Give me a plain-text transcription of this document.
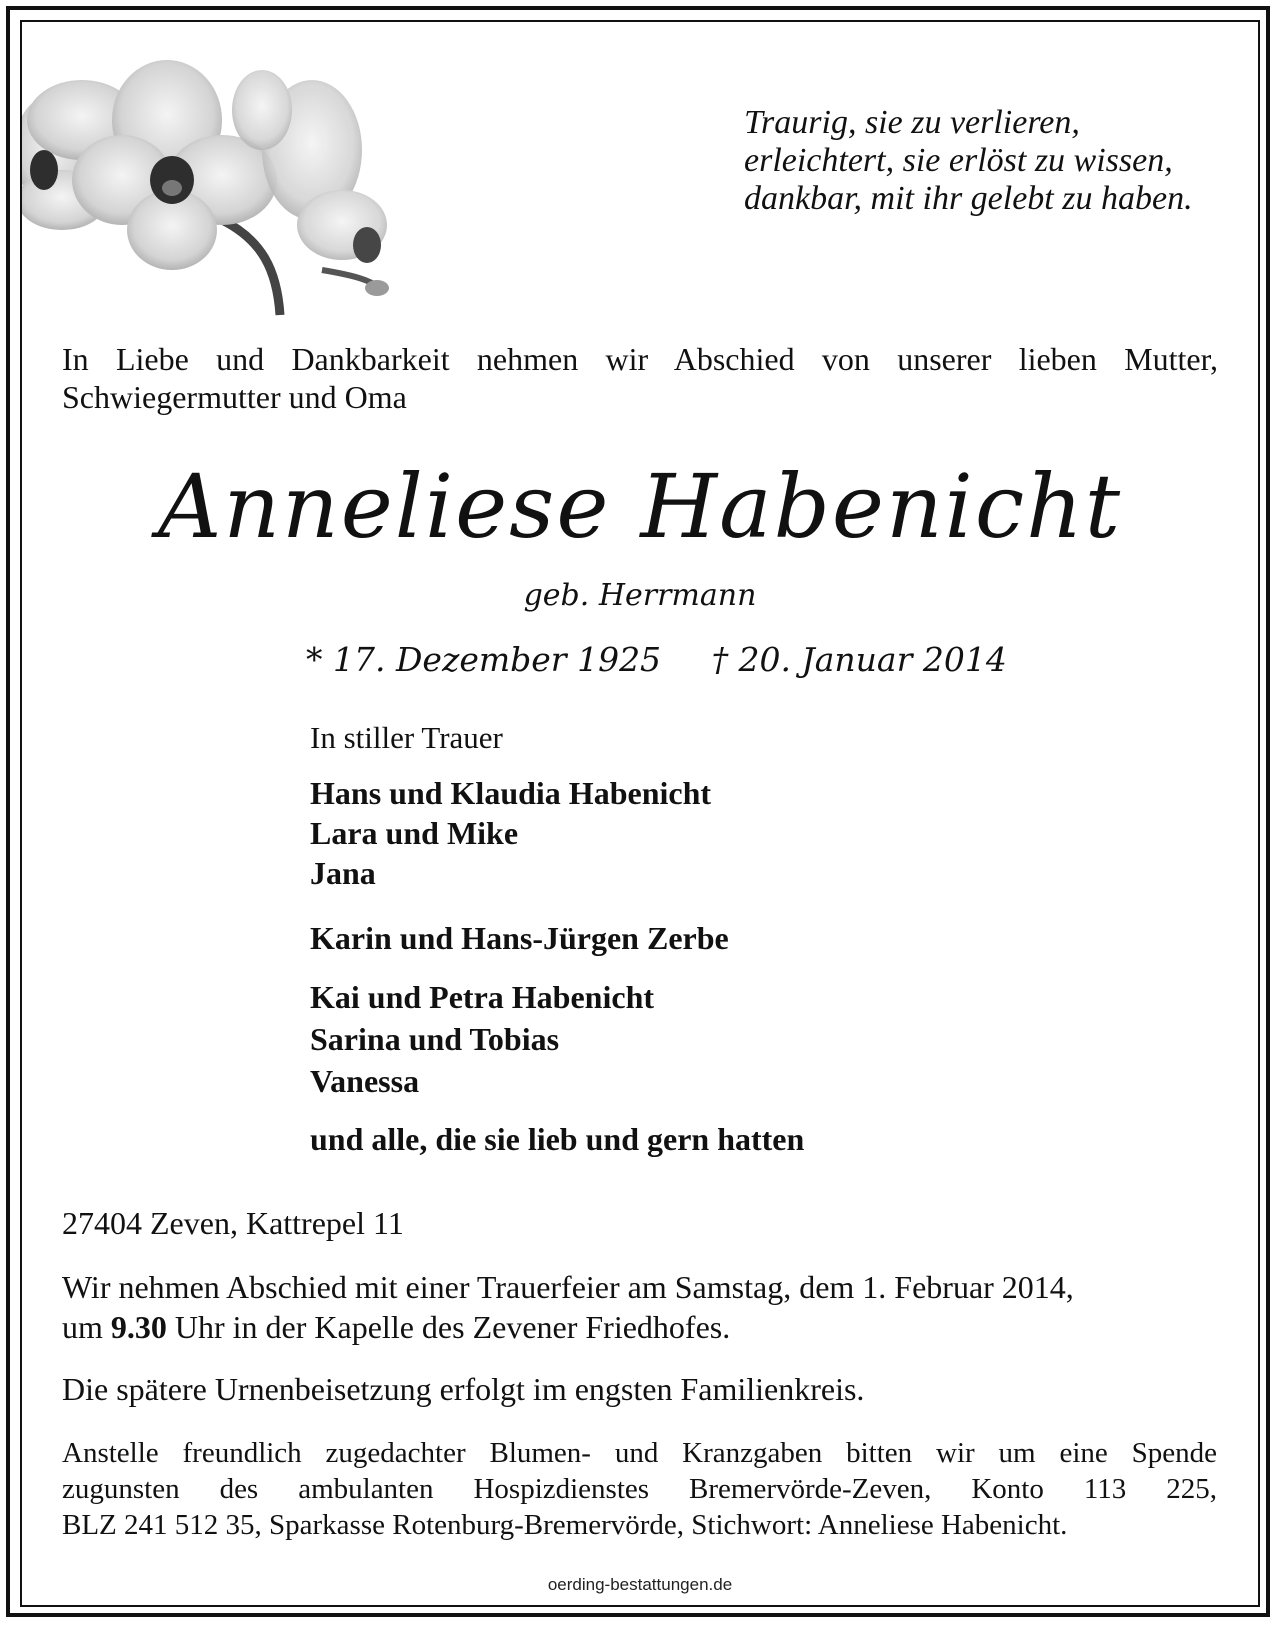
Traurig, sie zu verlieren,
erleichtert, sie erlöst zu wissen,
dankbar, mit ihr gelebt zu haben.
In Liebe und Dankbarkeit nehmen wir Abschied von unserer lieben Mutter,
Schwiegermutter und Oma
Anneliese Habenicht
geb. Herrmann
* 17. Dezember 1925 † 20. Januar 2014
In stiller Trauer
Hans und Klaudia Habenicht
Lara und Mike
Jana
Karin und Hans-Jürgen Zerbe
Kai und Petra Habenicht
Sarina und Tobias
Vanessa
und alle, die sie lieb und gern hatten
27404 Zeven, Kattrepel 11
Wir nehmen Abschied mit einer Trauerfeier am Samstag, dem 1. Februar 2014,
um 9.30 Uhr in der Kapelle des Zevener Friedhofes.
Die spätere Urnenbeisetzung erfolgt im engsten Familienkreis.
Anstelle freundlich zugedachter Blumen- und Kranzgaben bitten wir um eine Spende
zugunsten des ambulanten Hospizdienstes Bremervörde-Zeven, Konto 113 225,
BLZ 241 512 35, Sparkasse Rotenburg-Bremervörde, Stichwort: Anneliese Habenicht.
oerding-bestattungen.de
